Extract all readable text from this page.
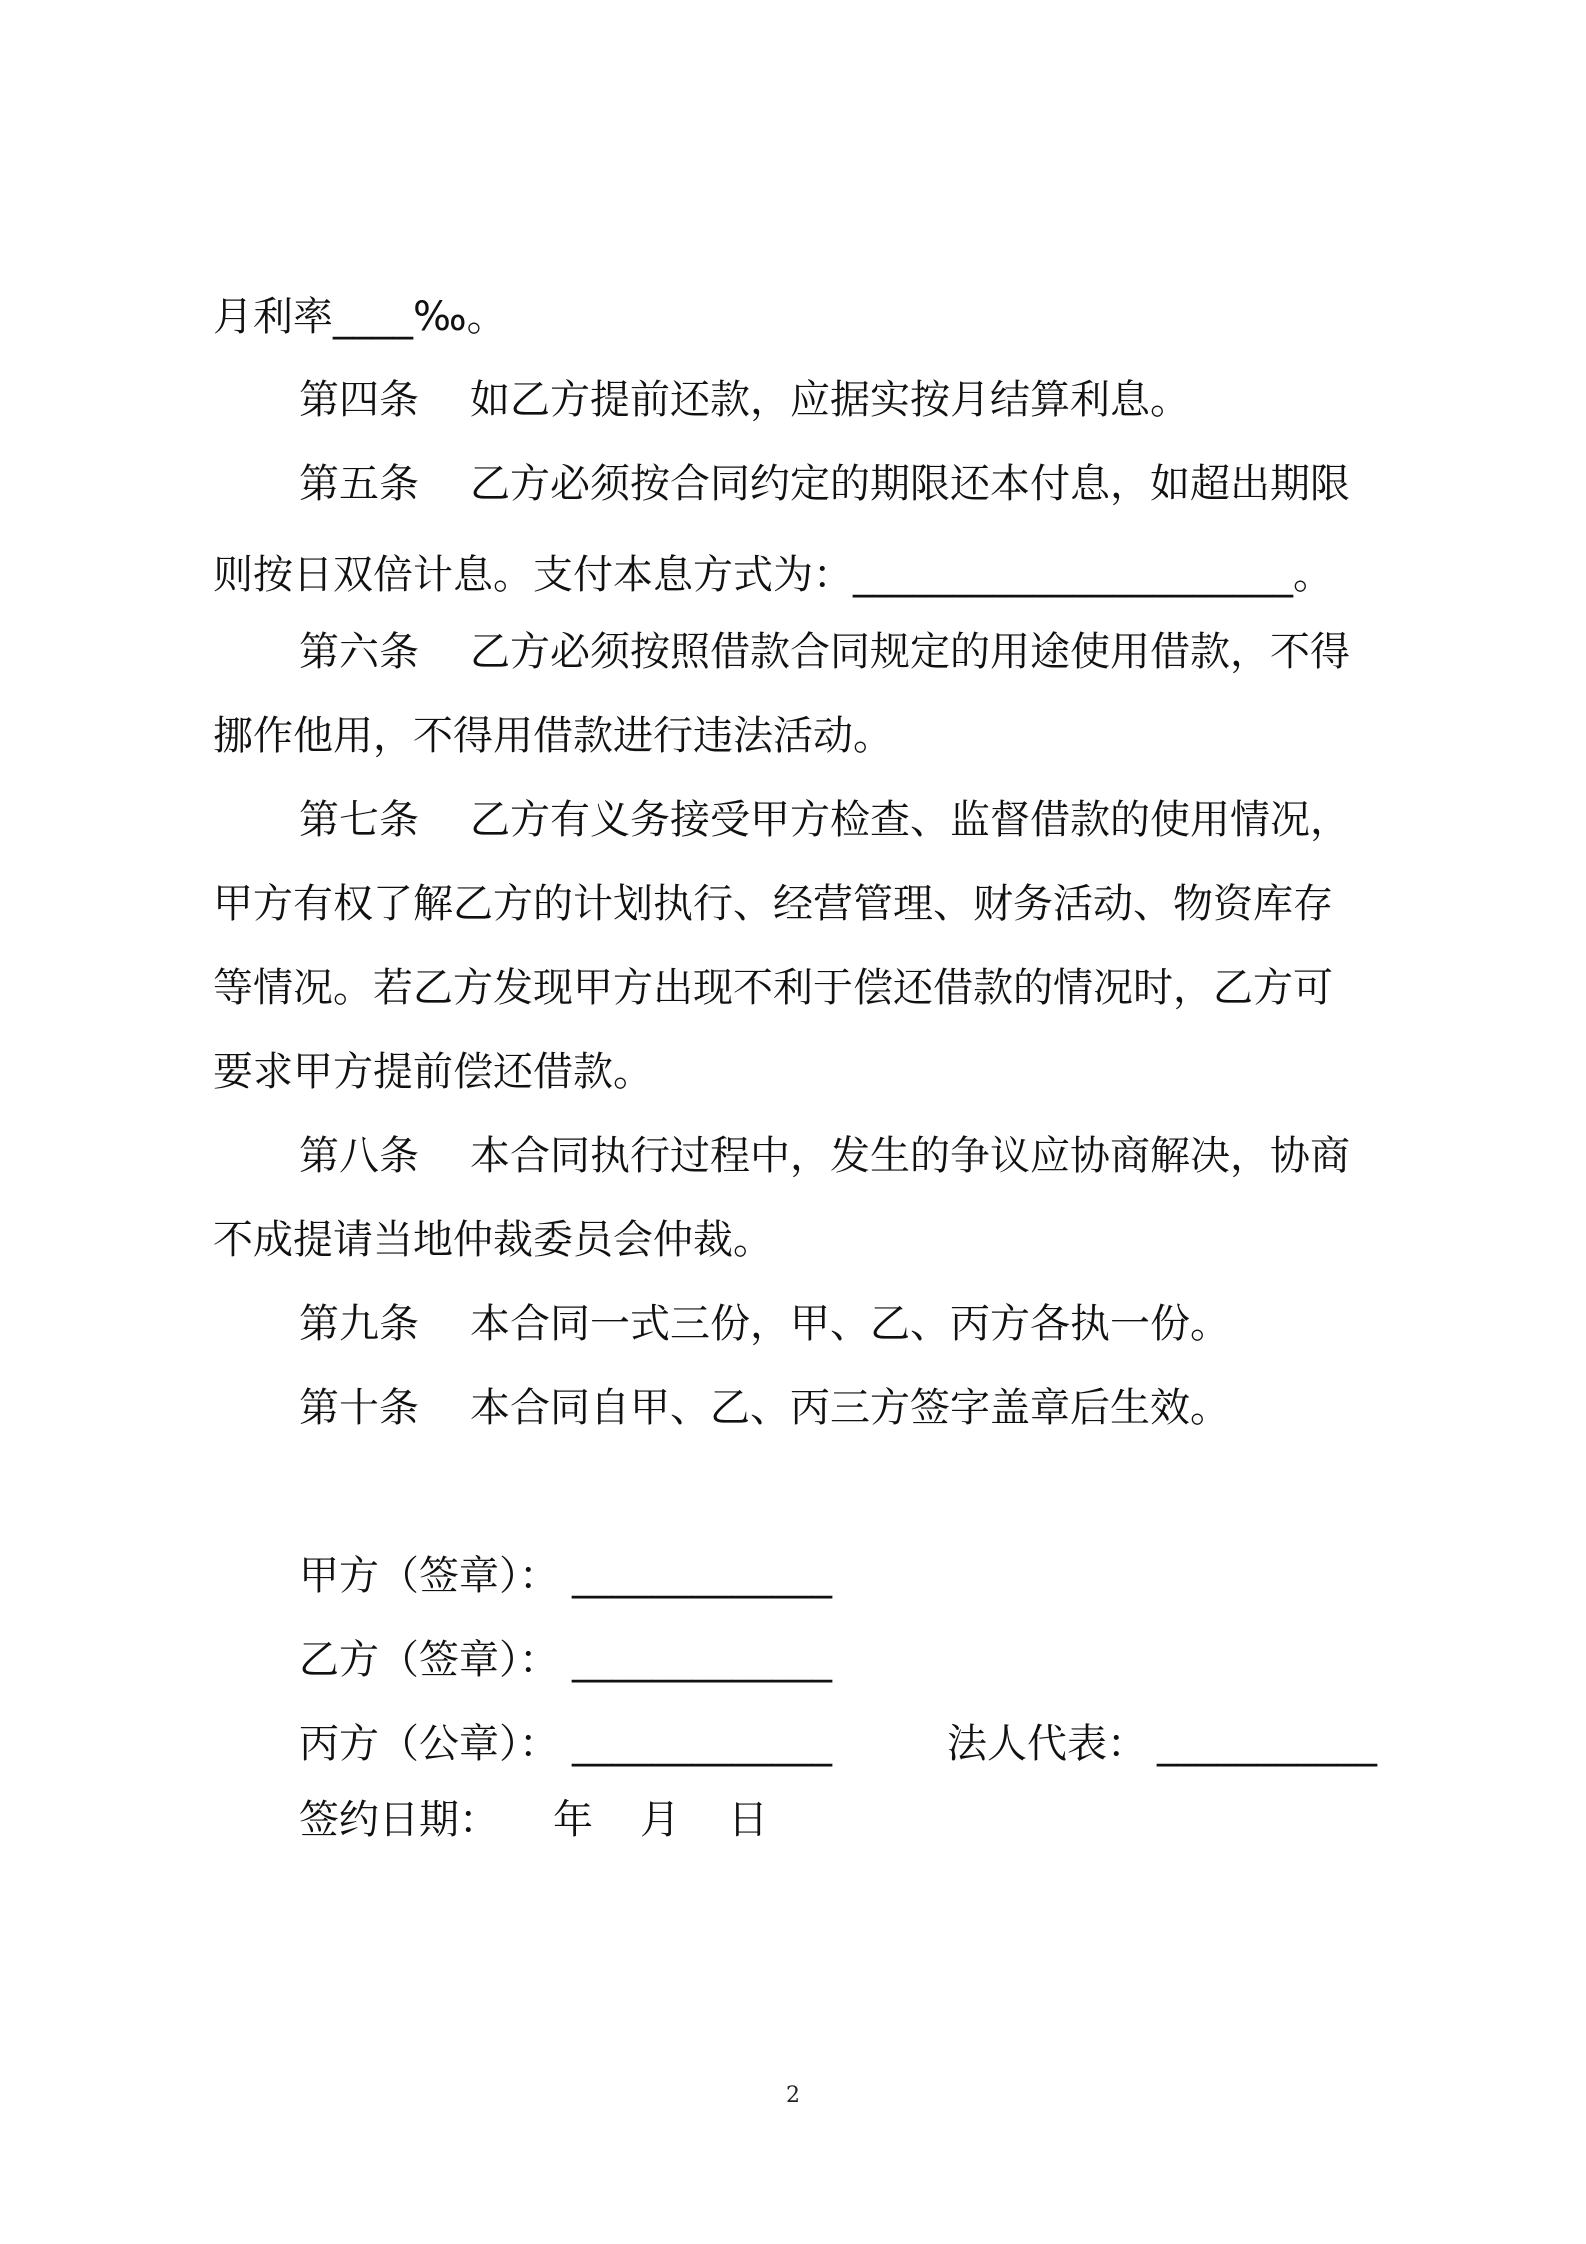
月利率____‰。
第四条 如乙方提前还款，应据实按月结算利息。
第五条 乙方必须按合同约定的期限还本付息，如超出期限
则按日双倍计息。支付本息方式为：______________________。
第六条 乙方必须按照借款合同规定的用途使用借款，不得
挪作他用，不得用借款进行违法活动。
第七条 乙方有义务接受甲方检查、监督借款的使用情况，
甲方有权了解乙方的计划执行、经营管理、财务活动、物资库存
等情况。若乙方发现甲方出现不利于偿还借款的情况时，乙方可
要求甲方提前偿还借款。
第八条 本合同执行过程中，发生的争议应协商解决，协商
不成提请当地仲裁委员会仲裁。
第九条 本合同一式三份，甲、乙、丙方各执一份。
第十条 本合同自甲、乙、丙三方签字盖章后生效。
甲方（签章）： _____________
乙方（签章）： _____________
丙方（公章）： _____________	法人代表： ___________
签约日期： 年 月 日
2
